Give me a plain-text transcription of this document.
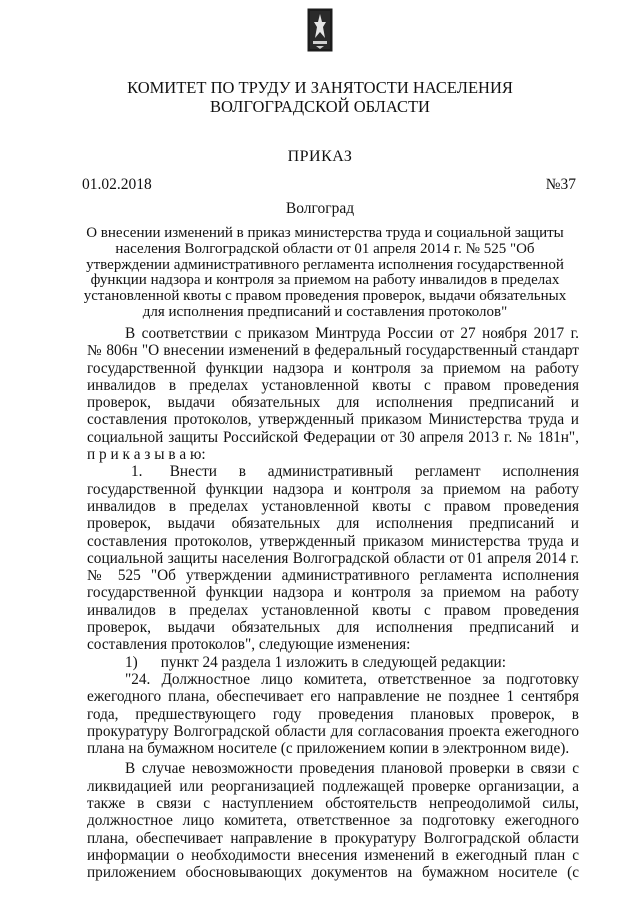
КОМИТЕТ ПО ТРУДУ И ЗАНЯТОСТИ НАСЕЛЕНИЯ
ВОЛГОГРАДСКОЙ ОБЛАСТИ
ПРИКАЗ
01.02.2018	№37
Волгоград
О внесении изменений в приказ министерства труда и социальной защиты
населения Волгоградской области от 01 апреля 2014 г. № 525 "Об
утверждении административного регламента исполнения государственной
функции надзора и контроля за приемом на работу инвалидов в пределах
установленной квоты с правом проведения проверок, выдачи обязательных
для исполнения предписаний и составления протоколов"
В соответствии с приказом Минтруда России от 27 ноября 2017 г.
№ 806н "О внесении изменений в федеральный государственный стандарт
государственной функции надзора и контроля за приемом на работу
инвалидов в пределах установленной квоты с правом проведения
проверок, выдачи обязательных для исполнения предписаний и
составления протоколов, утвержденный приказом Министерства труда и
социальной защиты Российской Федерации от 30 апреля 2013 г. № 181н",
п р и к а з ы в а ю:
1.     Внести    в    административный    регламент    исполнения
государственной функции надзора и контроля за приемом на работу
инвалидов в пределах установленной квоты с правом проведения
проверок, выдачи обязательных для исполнения предписаний и
составления протоколов, утвержденный приказом министерства труда и
социальной защиты населения Волгоградской области от 01 апреля 2014 г.
№ 525 "Об утверждении административного регламента исполнения
государственной функции надзора и контроля за приемом на работу
инвалидов в пределах установленной квоты с правом проведения
проверок, выдачи обязательных для исполнения предписаний и
составления протоколов", следующие изменения:
1)      пункт 24 раздела 1 изложить в следующей редакции:
"24. Должностное лицо комитета, ответственное за подготовку
ежегодного плана, обеспечивает его направление не позднее 1 сентября
года, предшествующего году проведения плановых проверок, в
прокуратуру Волгоградской области для согласования проекта ежегодного
плана на бумажном носителе (с приложением копии в электронном виде).
В случае невозможности проведения плановой проверки в связи с
ликвидацией или реорганизацией подлежащей проверке организации, а
также в связи с наступлением обстоятельств непреодолимой силы,
должностное лицо комитета, ответственное за подготовку ежегодного
плана, обеспечивает направление в прокуратуру Волгоградской области
информации о необходимости внесения изменений в ежегодный план с
приложением обосновывающих документов на бумажном носителе (с
